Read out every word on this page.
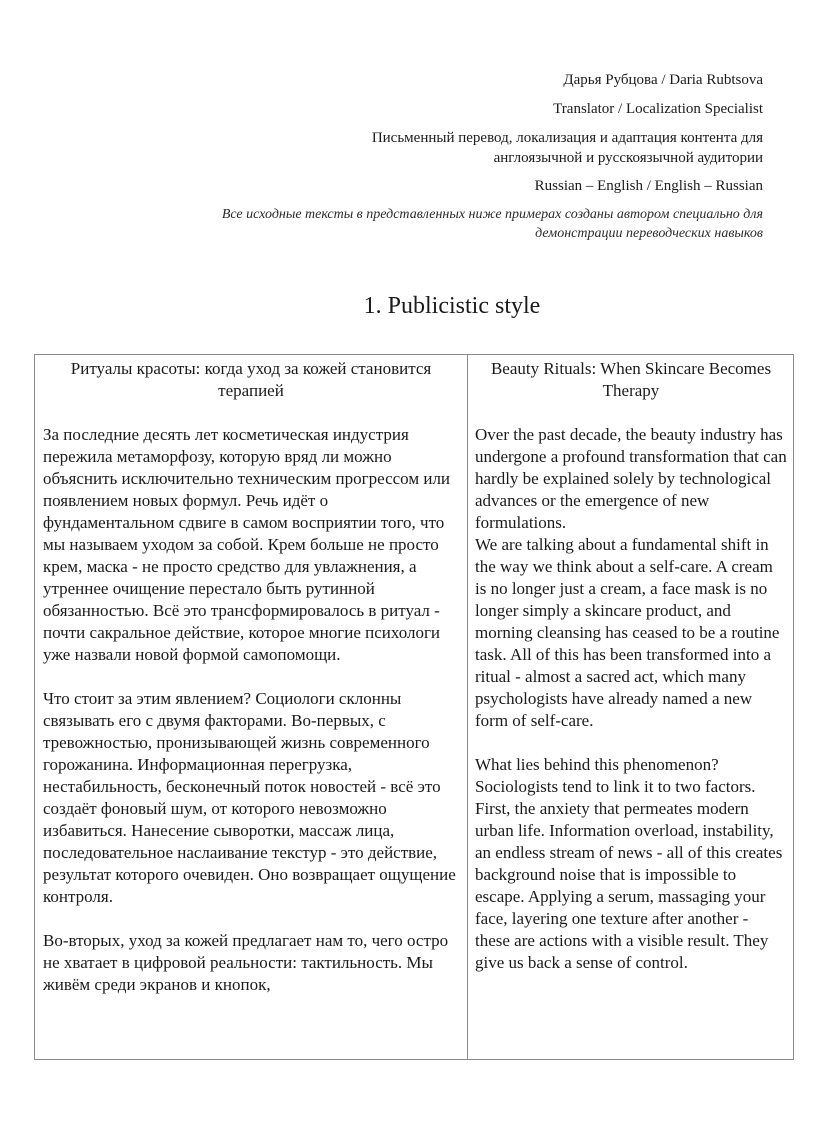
Дарья Рубцова / Daria Rubtsova
Translator / Localization Specialist
Письменный перевод, локализация и адаптация контента для англоязычной и русскоязычной аудитории
Russian – English / English – Russian
Все исходные тексты в представленных ниже примерах созданы автором специально для демонстрации переводческих навыков
1. Publicistic style
Ритуалы красоты: когда уход за кожей становится терапией
За последние десять лет косметическая индустрия пережила метаморфозу, которую вряд ли можно объяснить исключительно техническим прогрессом или появлением новых формул. Речь идёт о фундаментальном сдвиге в самом восприятии того, что мы называем уходом за собой. Крем больше не просто крем, маска - не просто средство для увлажнения, а утреннее очищение перестало быть рутинной обязанностью. Всё это трансформировалось в ритуал - почти сакральное действие, которое многие психологи уже назвали новой формой самопомощи.
Что стоит за этим явлением? Социологи склонны связывать его с двумя факторами. Во-первых, с тревожностью, пронизывающей жизнь современного горожанина. Информационная перегрузка, нестабильность, бесконечный поток новостей - всё это создаёт фоновый шум, от которого невозможно избавиться. Нанесение сыворотки, массаж лица, последовательное наслаивание текстур - это действие, результат которого очевиден. Оно возвращает ощущение контроля.
Во-вторых, уход за кожей предлагает нам то, чего остро не хватает в цифровой реальности: тактильность. Мы живём среди экранов и кнопок,
Beauty Rituals: When Skincare Becomes Therapy
Over the past decade, the beauty industry has undergone a profound transformation that can hardly be explained solely by technological advances or the emergence of new formulations.
We are talking about a fundamental shift in the way we think about a self-care. A cream is no longer just a cream, a face mask is no longer simply a skincare product, and morning cleansing has ceased to be a routine task. All of this has been transformed into a ritual - almost a sacred act, which many psychologists have already named a new form of self-care.
What lies behind this phenomenon? Sociologists tend to link it to two factors. First, the anxiety that permeates modern urban life. Information overload, instability, an endless stream of news - all of this creates background noise that is impossible to escape. Applying a serum, massaging your face, layering one texture after another - these are actions with a visible result. They give us back a sense of control.
